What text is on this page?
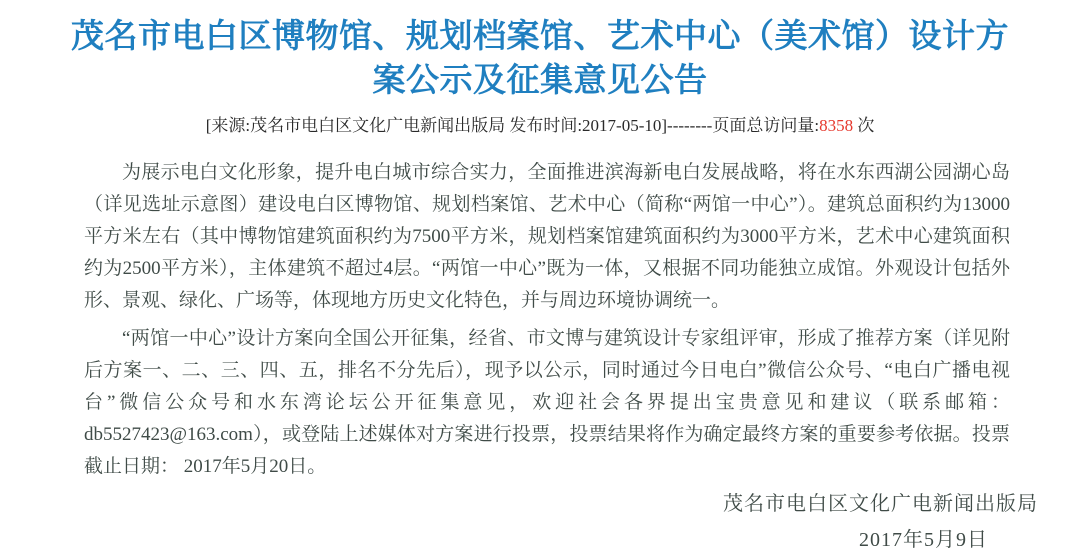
茂名市电白区博物馆、规划档案馆、艺术中心（美术馆）设计方案公示及征集意见公告
[来源:茂名市电白区文化广电新闻出版局 发布时间:2017-05-10]--------页面总访问量:8358 次

为展示电白文化形象，提升电白城市综合实力，全面推进滨海新电白发展战略，将在水东西湖公园湖心岛（详见选址示意图）建设电白区博物馆、规划档案馆、艺术中心（简称“两馆一中心”）。建筑总面积约为13000平方米左右（其中博物馆建筑面积约为7500平方米，规划档案馆建筑面积约为3000平方米，艺术中心建筑面积约为2500平方米），主体建筑不超过4层。“两馆一中心”既为一体，又根据不同功能独立成馆。外观设计包括外形、景观、绿化、广场等，体现地方历史文化特色，并与周边环境协调统一。

“两馆一中心”设计方案向全国公开征集，经省、市文博与建筑设计专家组评审，形成了推荐方案（详见附后方案一、二、三、四、五，排名不分先后），现予以公示，同时通过今日电白”微信公众号、“电白广播电视台”微信公众号和水东湾论坛公开征集意见，欢迎社会各界提出宝贵意见和建议（联系邮箱：db5527423@163.com），或登陆上述媒体对方案进行投票，投票结果将作为确定最终方案的重要参考依据。投票截止日期： 2017年5月20日。

茂名市电白区文化广电新闻出版局
2017年5月9日
